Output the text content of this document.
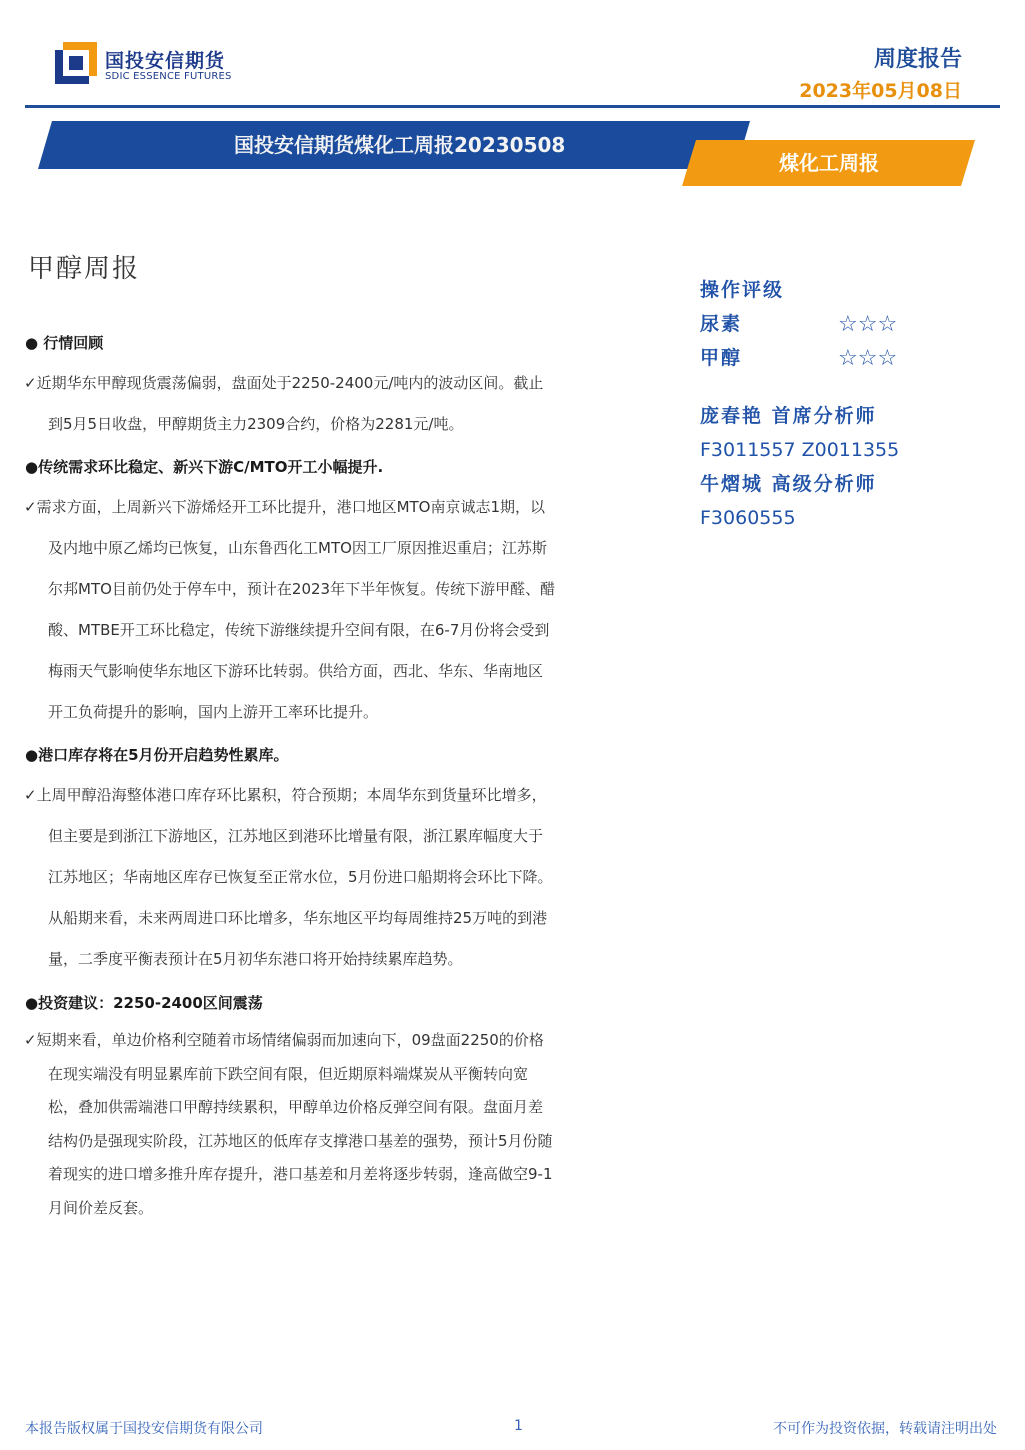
国投安信期货
SDIC ESSENCE FUTURES
周度报告
2023年05月08日
国投安信期货煤化工周报20230508
煤化工周报
甲醇周报
● 行情回顾
✓近期华东甲醇现货震荡偏弱，盘面处于2250-2400元/吨内的波动区间。截止
到5月5日收盘，甲醇期货主力2309合约，价格为2281元/吨。
●传统需求环比稳定、新兴下游C/MTO开工小幅提升.
✓需求方面，上周新兴下游烯烃开工环比提升，港口地区MTO南京诚志1期，以
及内地中原乙烯均已恢复，山东鲁西化工MTO因工厂原因推迟重启；江苏斯
尔邦MTO目前仍处于停车中，预计在2023年下半年恢复。传统下游甲醛、醋
酸、MTBE开工环比稳定，传统下游继续提升空间有限，在6-7月份将会受到
梅雨天气影响使华东地区下游环比转弱。供给方面，西北、华东、华南地区
开工负荷提升的影响，国内上游开工率环比提升。
●港口库存将在5月份开启趋势性累库。
✓上周甲醇沿海整体港口库存环比累积，符合预期；本周华东到货量环比增多，
但主要是到浙江下游地区，江苏地区到港环比增量有限，浙江累库幅度大于
江苏地区；华南地区库存已恢复至正常水位，5月份进口船期将会环比下降。
从船期来看，未来两周进口环比增多，华东地区平均每周维持25万吨的到港
量，二季度平衡表预计在5月初华东港口将开始持续累库趋势。
●投资建议：2250-2400区间震荡
✓短期来看，单边价格利空随着市场情绪偏弱而加速向下，09盘面2250的价格
在现实端没有明显累库前下跌空间有限，但近期原料端煤炭从平衡转向宽
松，叠加供需端港口甲醇持续累积，甲醇单边价格反弹空间有限。盘面月差
结构仍是强现实阶段，江苏地区的低库存支撑港口基差的强势，预计5月份随
着现实的进口增多推升库存提升，港口基差和月差将逐步转弱，逢高做空9-1
月间价差反套。
操作评级
尿素	☆☆☆
甲醇	☆☆☆
庞春艳 首席分析师
F3011557 Z0011355
牛熠城 高级分析师
F3060555
本报告版权属于国投安信期货有限公司	1	不可作为投资依据，转载请注明出处
